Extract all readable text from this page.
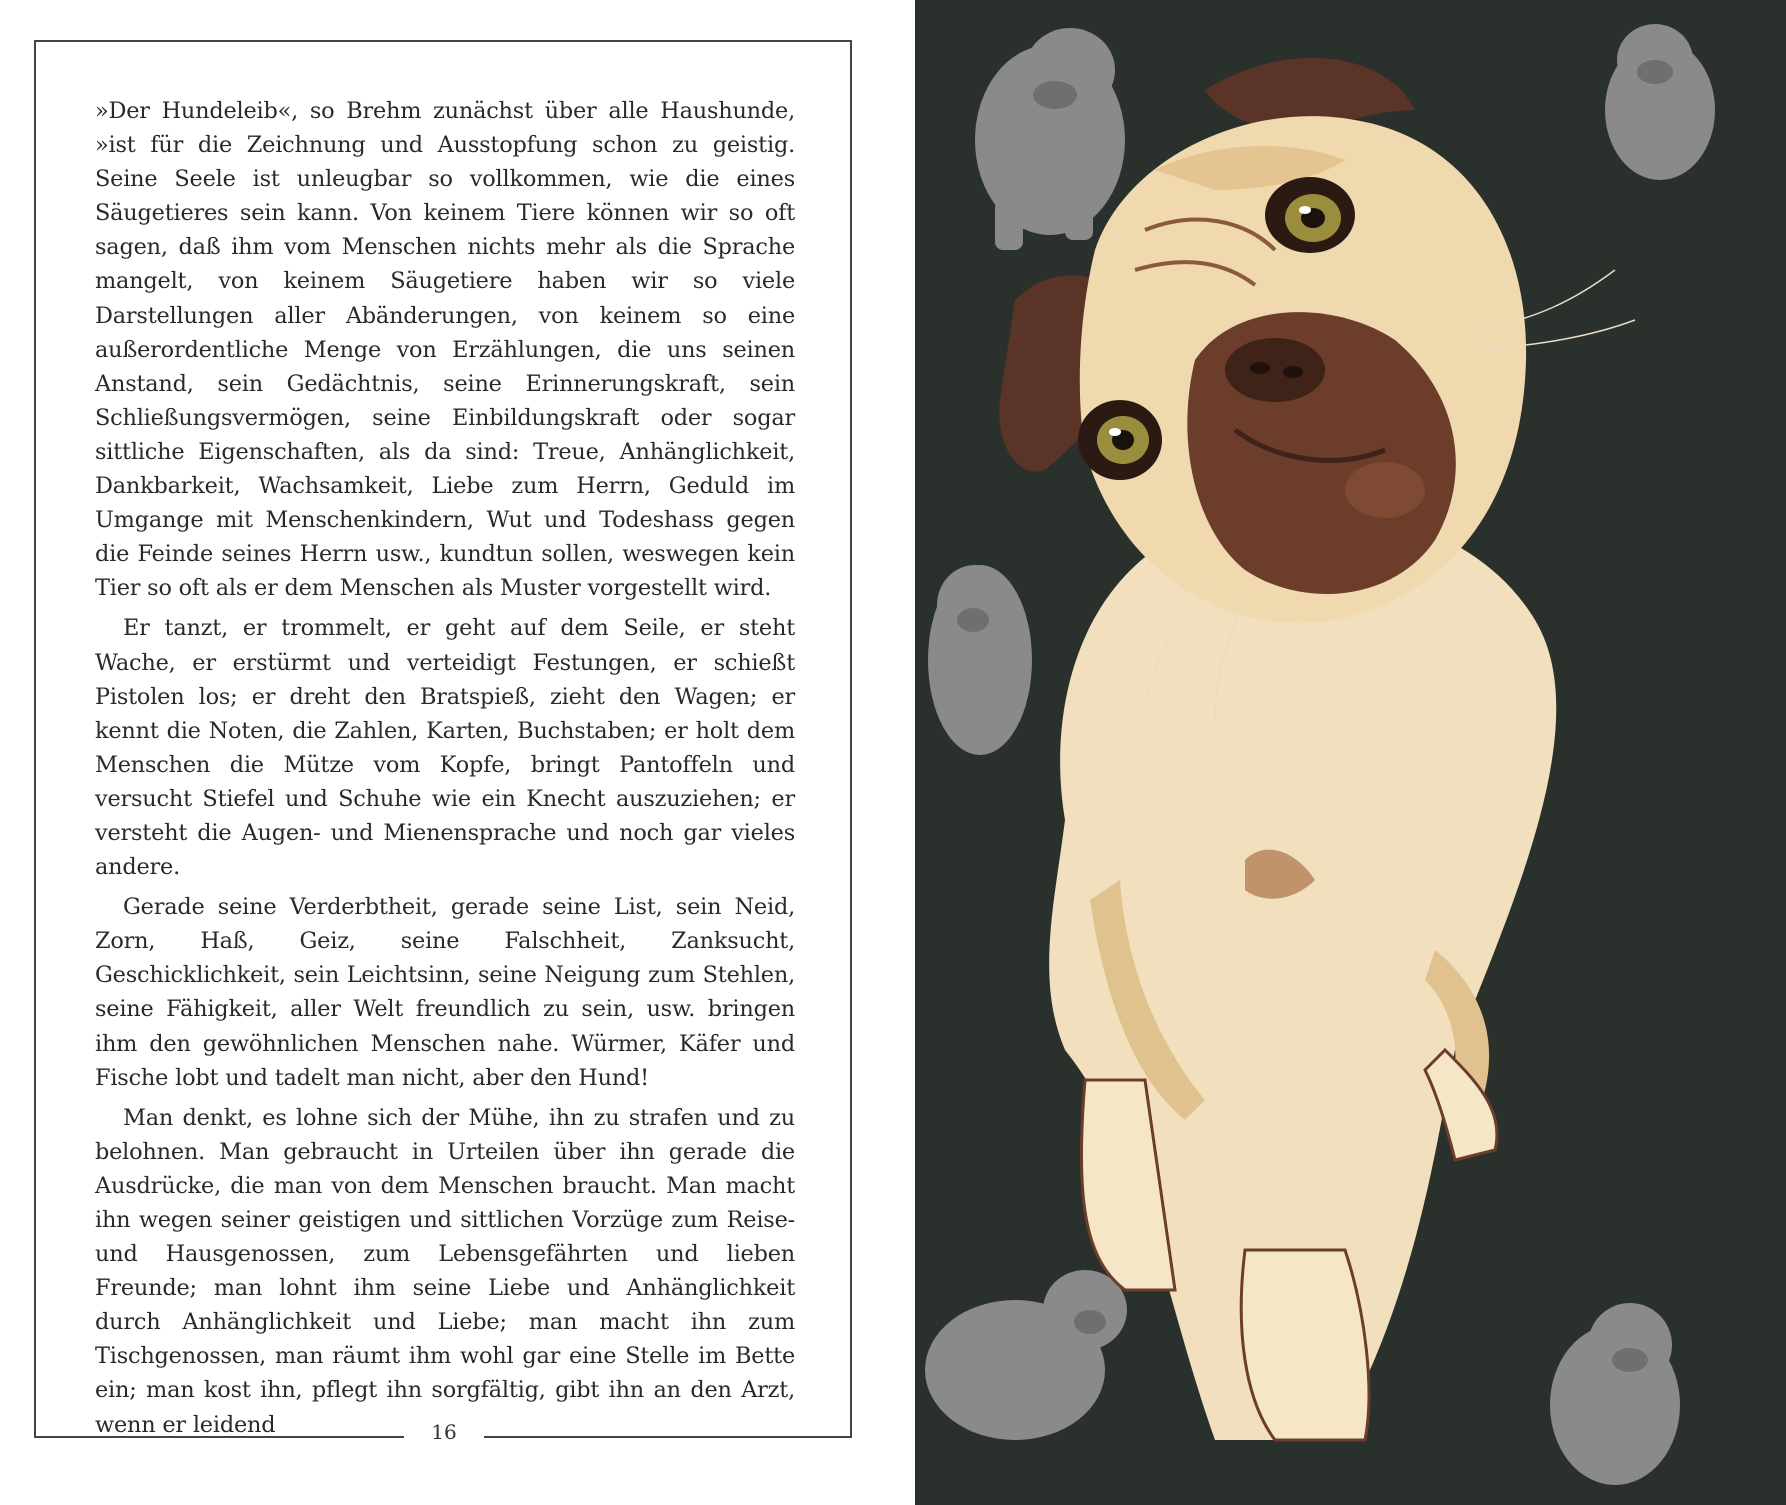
»Der Hundeleib«, so Brehm zunächst über alle Haushunde, »ist für die Zeichnung und Ausstopfung schon zu geistig. Seine Seele ist unleugbar so vollkommen, wie die eines Säugetieres sein kann. Von keinem Tiere können wir so oft sagen, daß ihm vom Menschen nichts mehr als die Sprache mangelt, von keinem Säugetiere haben wir so viele Darstellungen aller Abänderungen, von keinem so eine außerordentliche Menge von Erzählungen, die uns seinen Anstand, sein Gedächtnis, seine Erinnerungskraft, sein Schließungsvermögen, seine Einbildungskraft oder sogar sittliche Eigenschaften, als da sind: Treue, Anhänglichkeit, Dankbarkeit, Wachsamkeit, Liebe zum Herrn, Geduld im Umgange mit Menschenkindern, Wut und Todeshass gegen die Feinde seines Herrn usw., kundtun sollen, weswegen kein Tier so oft als er dem Menschen als Muster vorgestellt wird.

Er tanzt, er trommelt, er geht auf dem Seile, er steht Wache, er erstürmt und verteidigt Festungen, er schießt Pistolen los; er dreht den Bratspieß, zieht den Wagen; er kennt die Noten, die Zahlen, Karten, Buchstaben; er holt dem Menschen die Mütze vom Kopfe, bringt Pantoffeln und versucht Stiefel und Schuhe wie ein Knecht auszuziehen; er versteht die Augen- und Mienensprache und noch gar vieles andere.

Gerade seine Verderbtheit, gerade seine List, sein Neid, Zorn, Haß, Geiz, seine Falschheit, Zanksucht, Geschicklichkeit, sein Leichtsinn, seine Neigung zum Stehlen, seine Fähigkeit, aller Welt freundlich zu sein, usw. bringen ihm den gewöhnlichen Menschen nahe. Würmer, Käfer und Fische lobt und tadelt man nicht, aber den Hund!

Man denkt, es lohne sich der Mühe, ihn zu strafen und zu belohnen. Man gebraucht in Urteilen über ihn gerade die Ausdrücke, die man von dem Menschen braucht. Man macht ihn wegen seiner geistigen und sittlichen Vorzüge zum Reise- und Hausgenossen, zum Lebensgefährten und lieben Freunde; man lohnt ihm seine Liebe und Anhänglichkeit durch Anhänglichkeit und Liebe; man macht ihn zum Tischgenossen, man räumt ihm wohl gar eine Stelle im Bette ein; man kost ihn, pflegt ihn sorgfältig, gibt ihn an den Arzt, wenn er leidend	16
